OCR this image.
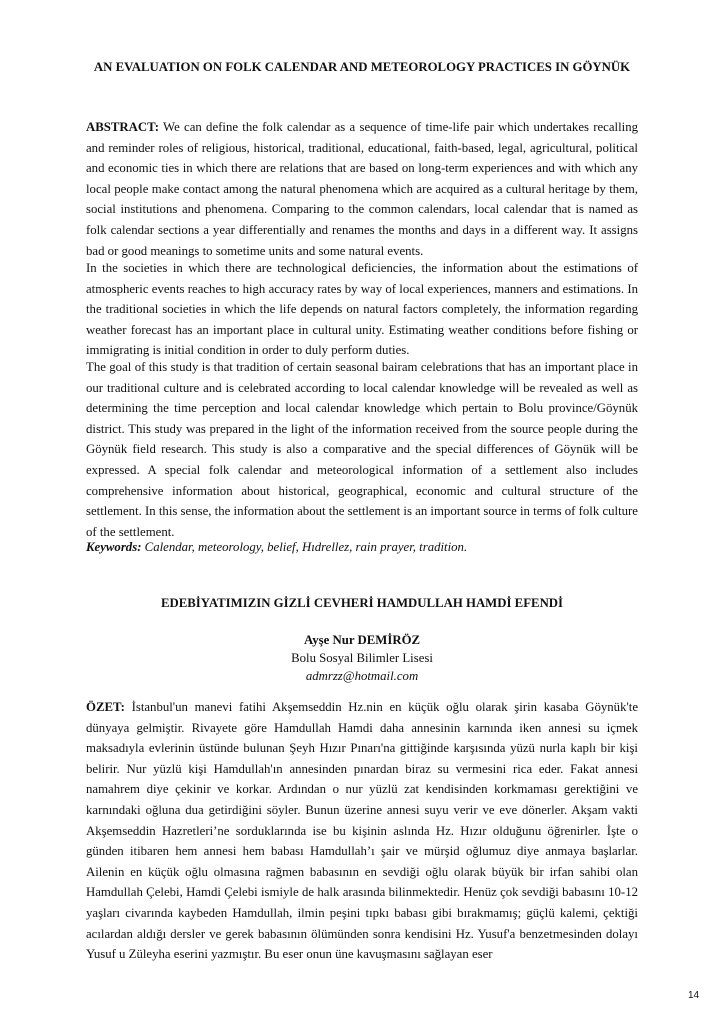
AN EVALUATION ON FOLK CALENDAR AND METEOROLOGY PRACTICES IN GÖYNÜK

ABSTRACT: We can define the folk calendar as a sequence of time-life pair which undertakes recalling and reminder roles of religious, historical, traditional, educational, faith-based, legal, agricultural, political and economic ties in which there are relations that are based on long-term experiences and with which any local people make contact among the natural phenomena which are acquired as a cultural heritage by them, social institutions and phenomena. Comparing to the common calendars, local calendar that is named as folk calendar sections a year differentially and renames the months and days in a different way. It assigns bad or good meanings to sometime units and some natural events.

In the societies in which there are technological deficiencies, the information about the estimations of atmospheric events reaches to high accuracy rates by way of local experiences, manners and estimations. In the traditional societies in which the life depends on natural factors completely, the information regarding weather forecast has an important place in cultural unity. Estimating weather conditions before fishing or immigrating is initial condition in order to duly perform duties.

The goal of this study is that tradition of certain seasonal bairam celebrations that has an important place in our traditional culture and is celebrated according to local calendar knowledge will be revealed as well as determining the time perception and local calendar knowledge which pertain to Bolu province/Göynük district. This study was prepared in the light of the information received from the source people during the Göynük field research. This study is also a comparative and the special differences of Göynük will be expressed. A special folk calendar and meteorological information of a settlement also includes comprehensive information about historical, geographical, economic and cultural structure of the settlement. In this sense, the information about the settlement is an important source in terms of folk culture of the settlement.

Keywords: Calendar, meteorology, belief, Hıdrellez, rain prayer, tradition.
EDEBİYATIMIZIN GİZLİ CEVHERİ HAMDULLAH HAMDİ EFENDİ
Ayşe Nur DEMİRÖZ
Bolu Sosyal Bilimler Lisesi
admrzz@hotmail.com

ÖZET: İstanbul'un manevi fatihi Akşemseddin Hz.nin en küçük oğlu olarak şirin kasaba Göynük'te dünyaya gelmiştir. Rivayete göre Hamdullah Hamdi daha annesinin karnında iken annesi su içmek maksadıyla evlerinin üstünde bulunan Şeyh Hızır Pınarı'na gittiğinde karşısında yüzü nurla kaplı bir kişi belirir. Nur yüzlü kişi Hamdullah'ın annesinden pınardan biraz su vermesini rica eder. Fakat annesi namahrem diye çekinir ve korkar. Ardından o nur yüzlü zat kendisinden korkmaması gerektiğini ve karnındaki oğluna dua getirdiğini söyler. Bunun üzerine annesi suyu verir ve eve dönerler. Akşam vakti Akşemseddin Hazretleri’ne sorduklarında ise bu kişinin aslında Hz. Hızır olduğunu öğrenirler. İşte o günden itibaren hem annesi hem babası Hamdullah’ı şair ve mürşid oğlumuz diye anmaya başlarlar. Ailenin en küçük oğlu olmasına rağmen babasının en sevdiği oğlu olarak büyük bir irfan sahibi olan Hamdullah Çelebi, Hamdi Çelebi ismiyle de halk arasında bilinmektedir. Henüz çok sevdiği babasını 10-12 yaşları civarında kaybeden Hamdullah, ilmin peşini tıpkı babası gibi bırakmamış; güçlü kalemi, çektiği acılardan aldığı dersler ve gerek babasının ölümünden sonra kendisini Hz. Yusuf'a benzetmesinden dolayı Yusuf u Züleyha eserini yazmıştır. Bu eser onun üne kavuşmasını sağlayan eser

14
